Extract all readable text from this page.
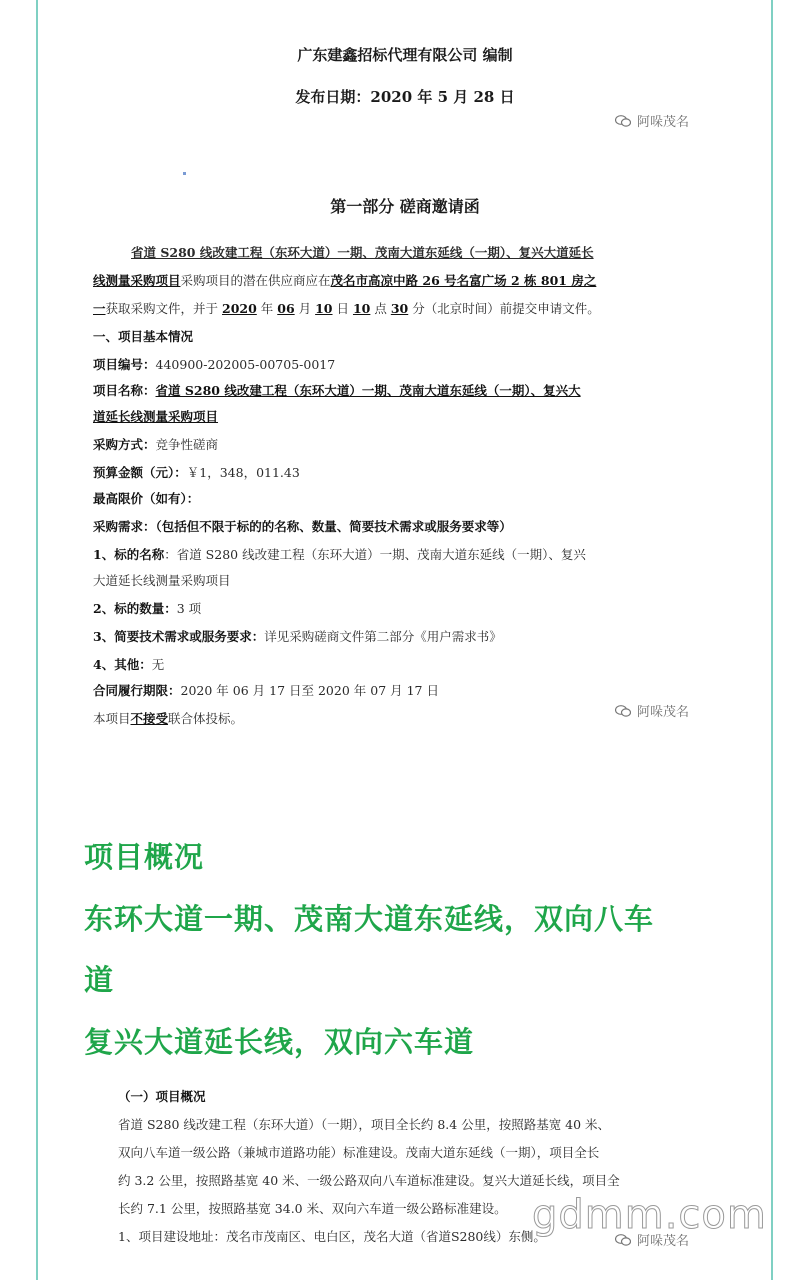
广东建鑫招标代理有限公司 编制
发布日期：2020 年 5 月 28 日
第一部分 磋商邀请函
阿哚茂名
省道 S280 线改建工程（东环大道）一期、茂南大道东延线（一期）、复兴大道延长
线测量采购项目采购项目的潜在供应商应在茂名市高凉中路 26 号名富广场 2 栋 801 房之
一获取采购文件，并于 2020 年 06 月 10 日 10 点 30 分（北京时间）前提交申请文件。
一、项目基本情况
项目编号：440900-202005-00705-0017
项目名称：省道 S280 线改建工程（东环大道）一期、茂南大道东延线（一期）、复兴大
道延长线测量采购项目
采购方式：竞争性磋商
预算金额（元）：￥1，348，011.43
最高限价（如有）：
采购需求：（包括但不限于标的的名称、数量、简要技术需求或服务要求等）
1、标的名称：省道 S280 线改建工程（东环大道）一期、茂南大道东延线（一期）、复兴
大道延长线测量采购项目
2、标的数量：3 项
3、简要技术需求或服务要求：详见采购磋商文件第二部分《用户需求书》
4、其他：无
合同履行期限：2020 年 06 月 17 日至 2020 年 07 月 17 日
本项目不接受联合体投标。	阿哚茂名
项目概况
东环大道一期、茂南大道东延线，双向八车
道
复兴大道延长线，双向六车道
（一）项目概况
省道 S280 线改建工程（东环大道）（一期），项目全长约 8.4 公里，按照路基宽 40 米、
双向八车道一级公路（兼城市道路功能）标准建设。茂南大道东延线（一期），项目全长
约 3.2 公里，按照路基宽 40 米、一级公路双向八车道标准建设。复兴大道延长线，项目全
长约 7.1 公里，按照路基宽 34.0 米、双向六车道一级公路标准建设。
1、项目建设地址：茂名市茂南区、电白区，茂名大道（省道S280线）东侧。
gdmm.com
阿哚茂名
